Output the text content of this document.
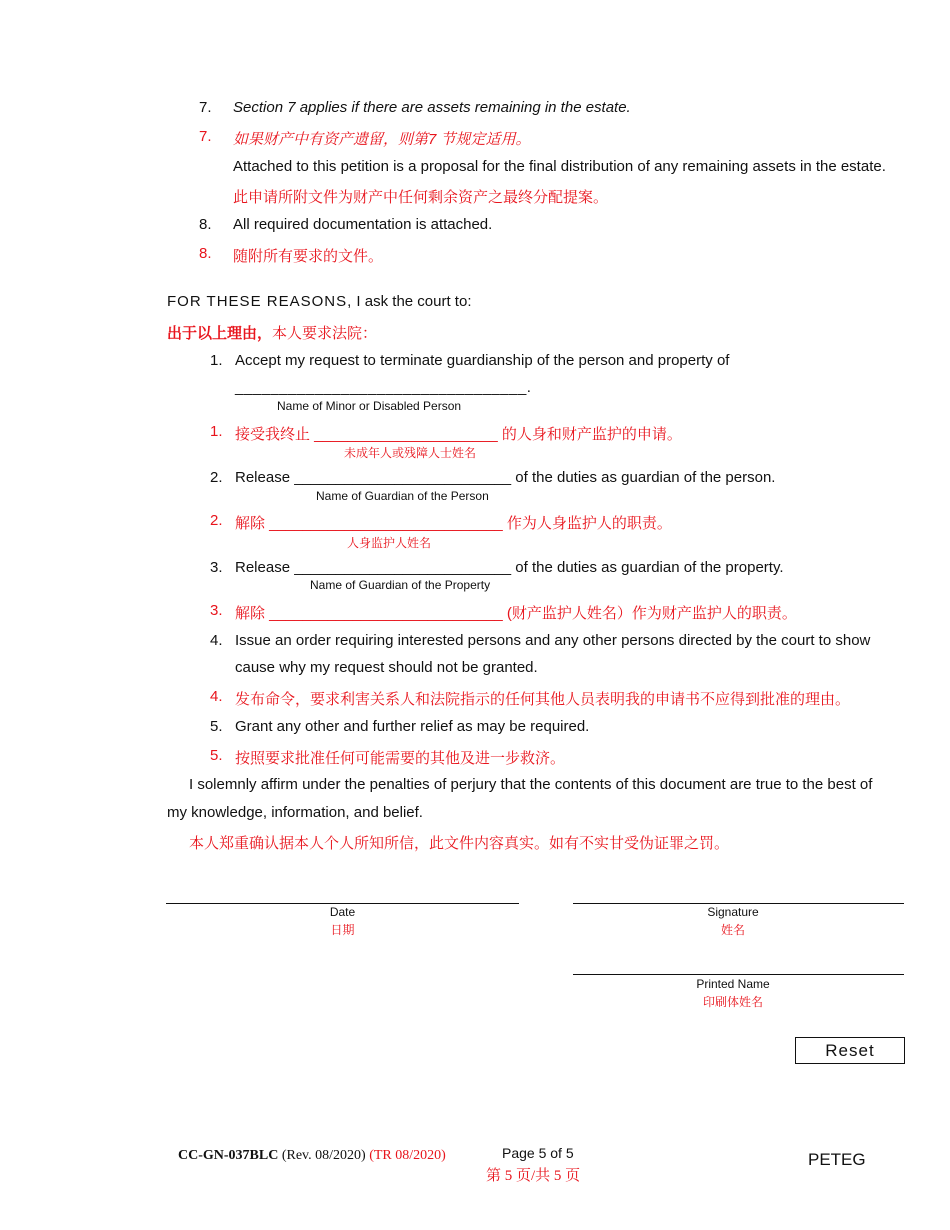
7. Section 7 applies if there are assets remaining in the estate.
7. 如果财产中有资产遗留，则第7 节规定适用。
Attached to this petition is a proposal for the final distribution of any remaining assets in the estate.
此申请所附文件为财产中任何剩余资产之最终分配提案。
8. All required documentation is attached.
8. 随附所有要求的文件。
FOR THESE REASONS, I ask the court to:
出于以上理由，本人要求法院：
1. Accept my request to terminate guardianship of the person and property of
_________________________________.
Name of Minor or Disabled Person
1. 接受我终止 ______________________ 的人身和财产监护的申请。
未成年人或残障人士姓名
2. Release __________________________ of the duties as guardian of the person.
Name of Guardian of the Person
2. 解除 ____________________________ 作为人身监护人的职责。
人身监护人姓名
3. Release __________________________ of the duties as guardian of the property.
Name of Guardian of the Property
3. 解除 ____________________________ (财产监护人姓名）作为财产监护人的职责。
4. Issue an order requiring interested persons and any other persons directed by the court to show
cause why my request should not be granted.
4. 发布命令，要求利害关系人和法院指示的任何其他人员表明我的申请书不应得到批准的理由。
5. Grant any other and further relief as may be required.
5. 按照要求批准任何可能需要的其他及进一步救济。
I solemnly affirm under the penalties of perjury that the contents of this document are true to the best of
my knowledge, information, and belief.
本人郑重确认据本人个人所知所信，此文件内容真实。如有不实甘受伪证罪之罚。
Date
日期
Signature
姓名
Printed Name
印刷体姓名
Reset
CC-GN-037BLC (Rev. 08/2020) (TR 08/2020)	Page 5 of 5
第 5 页/共 5 页
PETEG
